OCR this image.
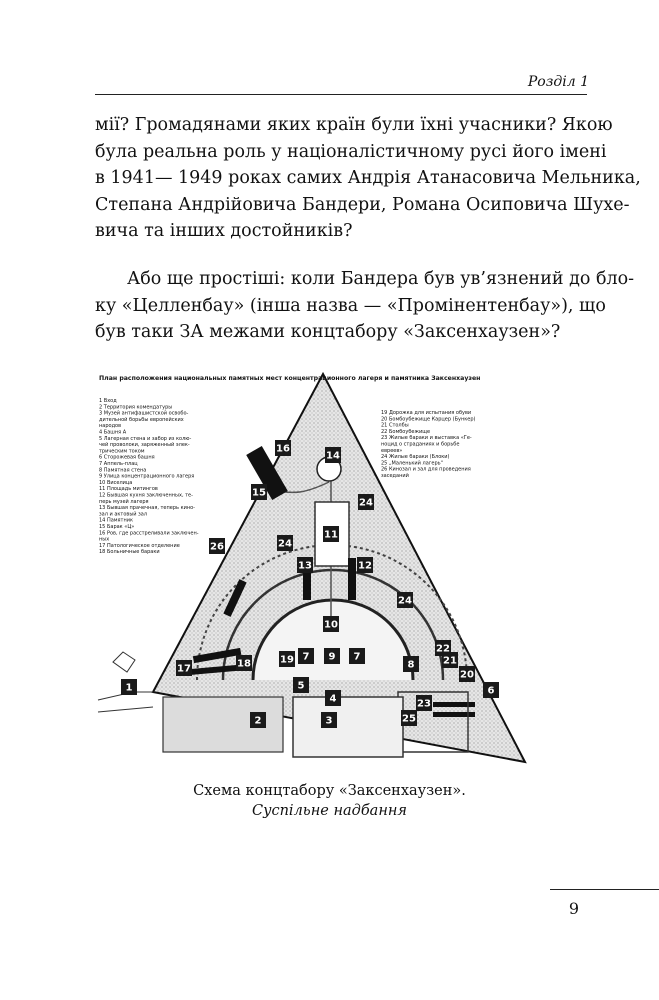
Розділ 1
мії? Громадянами яких країн були їхні учасники? Якою
була реальна роль у націоналістичному русі його імені
в 1941— 1949 роках самих Андрія Атанасовича Мельника,
Степана Андрійовича Бандери, Романа Осиповича Шухе-
вича та інших достойників?
Або ще простіші: коли Бандера був ув’язнений до бло-
ку «Целленбау» (інша назва — «Промінентенбау»), що
був таки ЗА межами концтабору «Заксенхаузен»?
План расположения национальных памятных мест концентрационного лагеря и памятника Заксенхаузен
1 Вход
2 Территория комендатуры
3 Музей антифашистской освобо-
дительной борьбы европейских
народов
4 Башня А
5 Лагерная стена и забор из колю-
чей проволоки, заряженный элек-
трическим током
6 Сторожевая башня
7 Аппель-плац
8 Памятная стена
9 Улица концентрационного лагеря
10 Виселица
11 Площадь митингов
12 Бывшая кухня заключенных, те-
перь музей лагеря
13 Бывшая прачечная, теперь кино-
зал и актовый зал
14 Памятник
15 Барак «Ц»
16 Ров, где расстреливали заключен-
ных
17 Патологическое отделение
18 Больничные бараки
19 Дорожка для испытания обуви
20 Бомбоубежище Карцер (Бункер)
21 Столбы
22 Бомбоубежище
23 Жилые бараки и выставка «Ге-
ноцид о страданиях и борьбе
евреев»
24 Жилые бараки (Блоки)
25 „Маленький лагерь“
26 Кинозал и зал для проведения
заседаний
1
2	3
4
5	6
7 9 7
8
10
11
12
13
14
15
16
17	18	19
20
21
22
23
24
24
24
25
26
Схема концтабору «Заксенхаузен».
Суспільне надбання
9
